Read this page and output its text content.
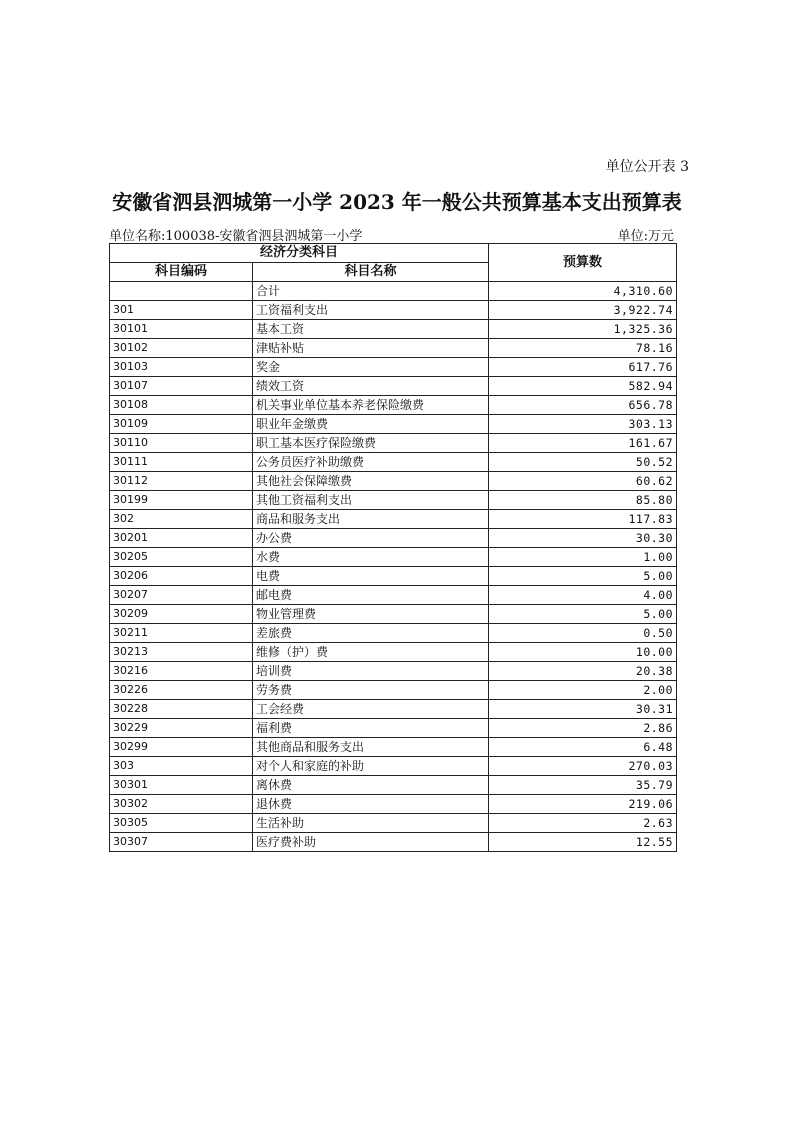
单位公开表 3
安徽省泗县泗城第一小学 2023 年一般公共预算基本支出预算表
单位名称:100038-安徽省泗县泗城第一小学	单位:万元
经济分类科目		预算数
科目编码	科目名称	
	合计	4,310.60
301	工资福利支出	3,922.74
30101	基本工资	1,325.36
30102	津贴补贴	78.16
30103	奖金	617.76
30107	绩效工资	582.94
30108	机关事业单位基本养老保险缴费	656.78
30109	职业年金缴费	303.13
30110	职工基本医疗保险缴费	161.67
30111	公务员医疗补助缴费	50.52
30112	其他社会保障缴费	60.62
30199	其他工资福利支出	85.80
302	商品和服务支出	117.83
30201	办公费	30.30
30205	水费	1.00
30206	电费	5.00
30207	邮电费	4.00
30209	物业管理费	5.00
30211	差旅费	0.50
30213	维修（护）费	10.00
30216	培训费	20.38
30226	劳务费	2.00
30228	工会经费	30.31
30229	福利费	2.86
30299	其他商品和服务支出	6.48
303	对个人和家庭的补助	270.03
30301	离休费	35.79
30302	退休费	219.06
30305	生活补助	2.63
30307	医疗费补助	12.55
